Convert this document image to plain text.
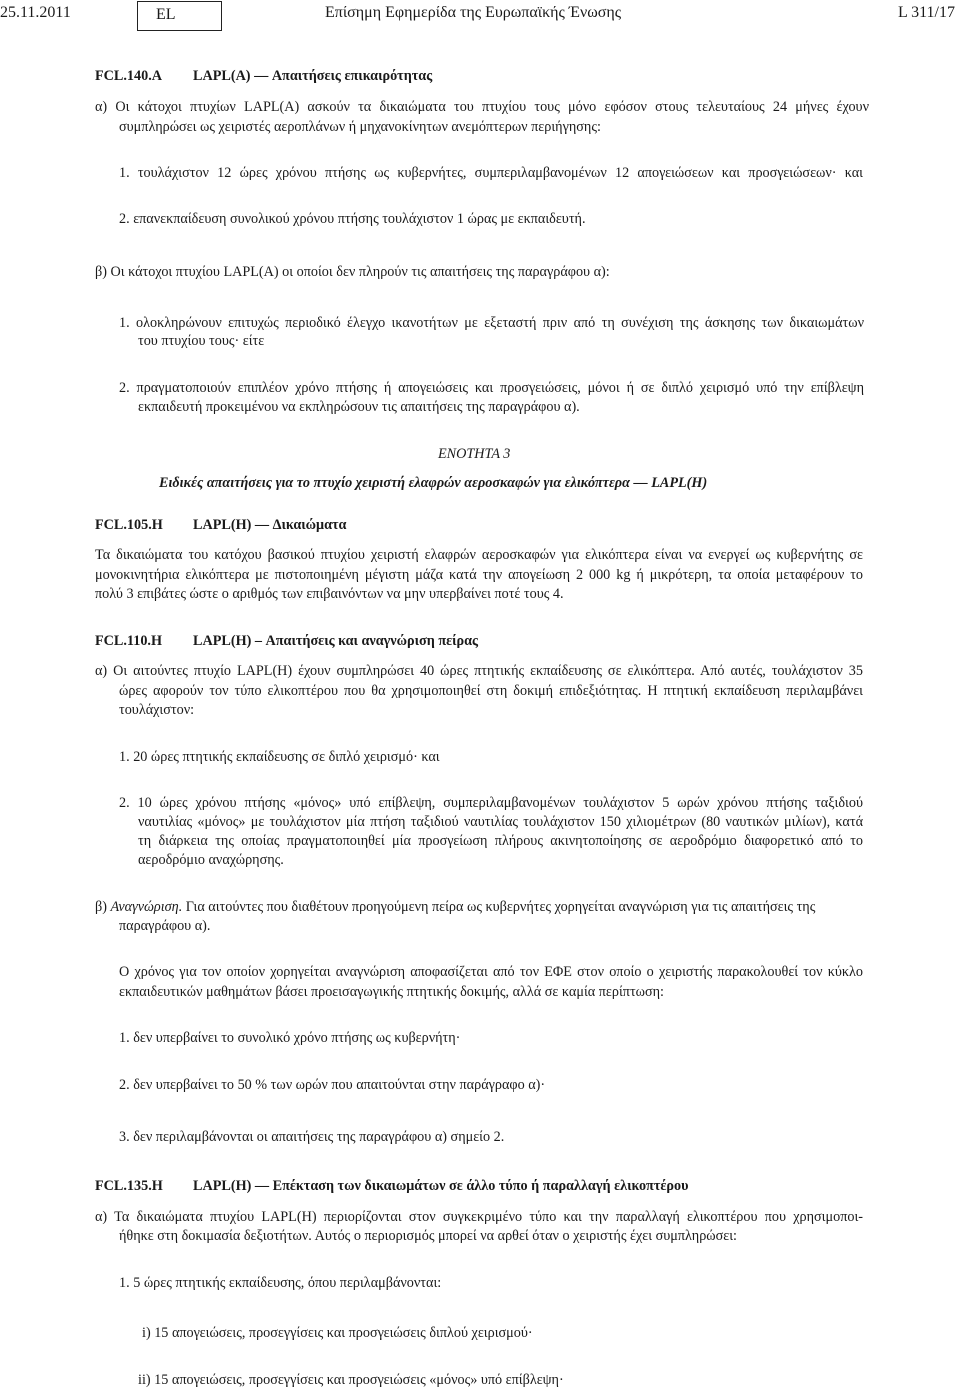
25.11.2011	EL	Επίσημη Εφημερίδα της Ευρωπαϊκής Ένωσης	L 311/17
FCL.140.A LAPL(A) — Απαιτήσεις επικαιρότητας
α) Οι κάτοχοι πτυχίων LAPL(A) ασκούν τα δικαιώματα του πτυχίου τους μόνο εφόσον στους τελευταίους 24 μήνες έχουν
συμπληρώσει ως χειριστές αεροπλάνων ή μηχανοκίνητων ανεμόπτερων περιήγησης:
1. τουλάχιστον 12 ώρες χρόνου πτήσης ως κυβερνήτες, συμπεριλαμβανομένων 12 απογειώσεων και προσγειώσεων· και
2. επανεκπαίδευση συνολικού χρόνου πτήσης τουλάχιστον 1 ώρας με εκπαιδευτή.
β) Οι κάτοχοι πτυχίου LAPL(A) οι οποίοι δεν πληρούν τις απαιτήσεις της παραγράφου α):
1. ολοκληρώνουν επιτυχώς περιοδικό έλεγχο ικανοτήτων με εξεταστή πριν από τη συνέχιση της άσκησης των δικαιωμάτων
του πτυχίου τους· είτε
2. πραγματοποιούν επιπλέον χρόνο πτήσης ή απογειώσεις και προσγειώσεις, μόνοι ή σε διπλό χειρισμό υπό την επίβλεψη
εκπαιδευτή προκειμένου να εκπληρώσουν τις απαιτήσεις της παραγράφου α).
ΕΝΟΤΗΤΑ 3
Ειδικές απαιτήσεις για το πτυχίο χειριστή ελαφρών αεροσκαφών για ελικόπτερα — LAPL(H)
FCL.105.H LAPL(H) — Δικαιώματα
Τα δικαιώματα του κατόχου βασικού πτυχίου χειριστή ελαφρών αεροσκαφών για ελικόπτερα είναι να ενεργεί ως κυβερνήτης σε
μονοκινητήρια ελικόπτερα με πιστοποιημένη μέγιστη μάζα κατά την απογείωση 2 000 kg ή μικρότερη, τα οποία μεταφέρουν το
πολύ 3 επιβάτες ώστε ο αριθμός των επιβαινόντων να μην υπερβαίνει ποτέ τους 4.
FCL.110.H LAPL(H) – Απαιτήσεις και αναγνώριση πείρας
α) Οι αιτούντες πτυχίο LAPL(H) έχουν συμπληρώσει 40 ώρες πτητικής εκπαίδευσης σε ελικόπτερα. Από αυτές, τουλάχιστον 35
ώρες αφορούν τον τύπο ελικοπτέρου που θα χρησιμοποιηθεί στη δοκιμή επιδεξιότητας. Η πτητική εκπαίδευση περιλαμβάνει
τουλάχιστον:
1. 20 ώρες πτητικής εκπαίδευσης σε διπλό χειρισμό· και
2. 10 ώρες χρόνου πτήσης «μόνος» υπό επίβλεψη, συμπεριλαμβανομένων τουλάχιστον 5 ωρών χρόνου πτήσης ταξιδιού
ναυτιλίας «μόνος» με τουλάχιστον μία πτήση ταξιδιού ναυτιλίας τουλάχιστον 150 χιλιομέτρων (80 ναυτικών μιλίων), κατά
τη διάρκεια της οποίας πραγματοποιηθεί μία προσγείωση πλήρους ακινητοποίησης σε αεροδρόμιο διαφορετικό από το
αεροδρόμιο αναχώρησης.
β) Αναγνώριση. Για αιτούντες που διαθέτουν προηγούμενη πείρα ως κυβερνήτες χορηγείται αναγνώριση για τις απαιτήσεις της
παραγράφου α).
Ο χρόνος για τον οποίον χορηγείται αναγνώριση αποφασίζεται από τον ΕΦΕ στον οποίο ο χειριστής παρακολουθεί τον κύκλο
εκπαιδευτικών μαθημάτων βάσει προεισαγωγικής πτητικής δοκιμής, αλλά σε καμία περίπτωση:
1. δεν υπερβαίνει το συνολικό χρόνο πτήσης ως κυβερνήτη·
2. δεν υπερβαίνει το 50 % των ωρών που απαιτούνται στην παράγραφο α)·
3. δεν περιλαμβάνονται οι απαιτήσεις της παραγράφου α) σημείο 2.
FCL.135.H LAPL(H) — Επέκταση των δικαιωμάτων σε άλλο τύπο ή παραλλαγή ελικοπτέρου
α) Τα δικαιώματα πτυχίου LAPL(H) περιορίζονται στον συγκεκριμένο τύπο και την παραλλαγή ελικοπτέρου που χρησιμοποι-
ήθηκε στη δοκιμασία δεξιοτήτων. Αυτός ο περιορισμός μπορεί να αρθεί όταν ο χειριστής έχει συμπληρώσει:
1. 5 ώρες πτητικής εκπαίδευσης, όπου περιλαμβάνονται:
i) 15 απογειώσεις, προσεγγίσεις και προσγειώσεις διπλού χειρισμού·
ii) 15 απογειώσεις, προσεγγίσεις και προσγειώσεις «μόνος» υπό επίβλεψη·
